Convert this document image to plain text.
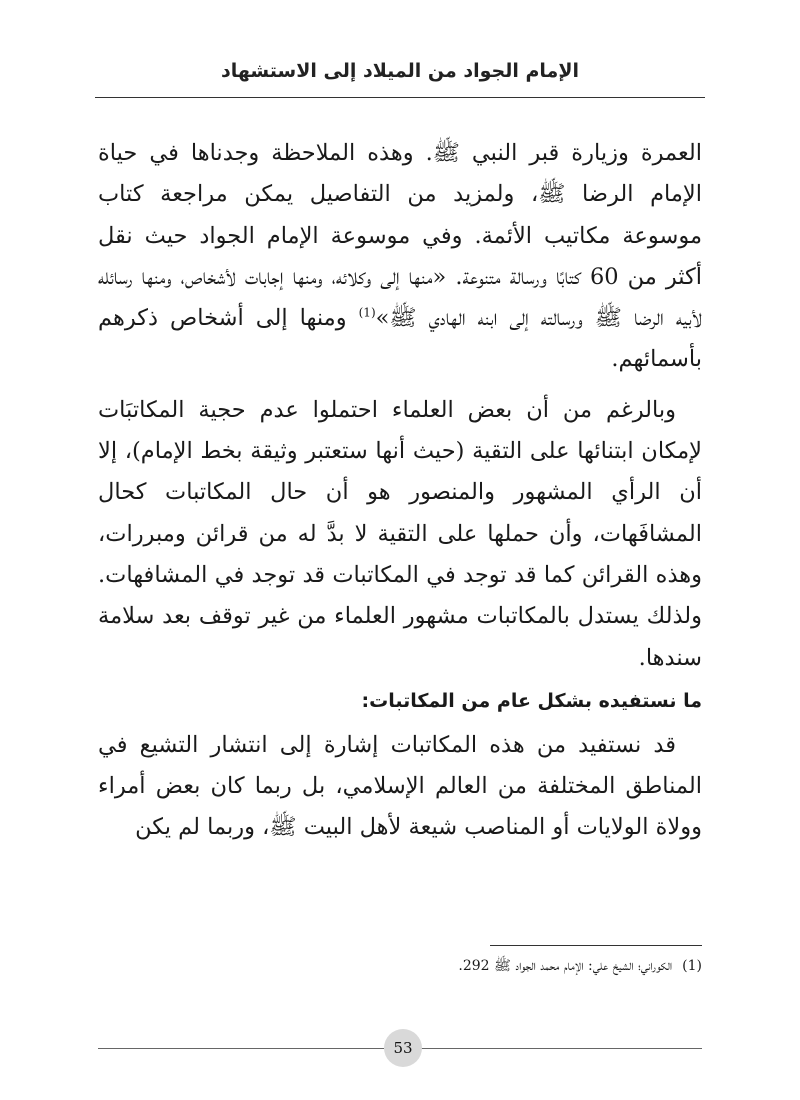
الإمام الجواد من الميلاد إلى الاستشهاد

العمرة وزيارة قبر النبي ﷺ. وهذه الملاحظة وجدناها في حياة الإمام الرضا ﷺ، ولمزيد من التفاصيل يمكن مراجعة كتاب موسوعة مكاتيب الأئمة. وفي موسوعة الإمام الجواد حيث نقل أكثر من 60 كتابًا ورسالة متنوعة. «منها إلى وكلائه، ومنها إجابات لأشخاص، ومنها رسائله لأبيه الرضا ﷺ ورسالته إلى ابنه الهادي ﷺ»$^{(1)}$ ومنها إلى أشخاص ذكرهم بأسمائهم.

وبالرغم من أن بعض العلماء احتملوا عدم حجية المكاتبَات لإمكان ابتنائها على التقية (حيث أنها ستعتبر وثيقة بخط الإمام)، إلا أن الرأي المشهور والمنصور هو أن حال المكاتبات كحال المشافَهات، وأن حملها على التقية لا بدَّ له من قرائن ومبررات، وهذه القرائن كما قد توجد في المكاتبات قد توجد في المشافهات. ولذلك يستدل بالمكاتبات مشهور العلماء من غير توقف بعد سلامة سندها.

ما نستفيده بشكل عام من المكاتبات:

قد نستفيد من هذه المكاتبات إشارة إلى انتشار التشيع في المناطق المختلفة من العالم الإسلامي، بل ربما كان بعض أمراء وولاة الولايات أو المناصب شيعة لأهل البيت ﷺ، وربما لم يكن

(1)الكوراني؛ الشيخ علي: الإمام محمد الجواد ﷺ 292.
53
